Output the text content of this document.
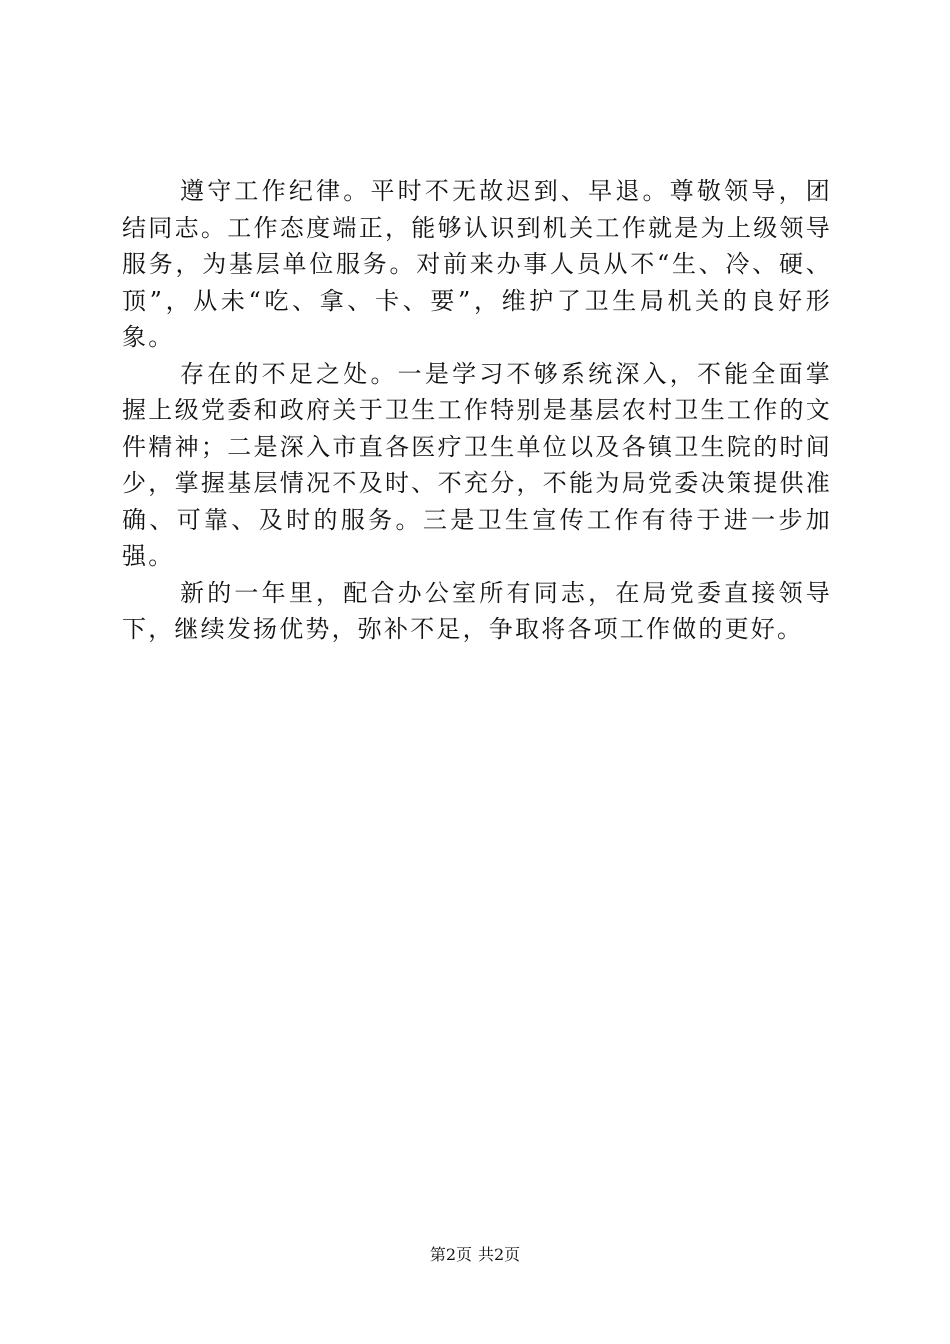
遵守工作纪律。平时不无故迟到、早退。尊敬领导，团结同志。工作态度端正，能够认识到机关工作就是为上级领导服务，为基层单位服务。对前来办事人员从不“生、冷、硬、顶”，从未“吃、拿、卡、要”，维护了卫生局机关的良好形象。

存在的不足之处。一是学习不够系统深入，不能全面掌握上级党委和政府关于卫生工作特别是基层农村卫生工作的文件精神；二是深入市直各医疗卫生单位以及各镇卫生院的时间少，掌握基层情况不及时、不充分，不能为局党委决策提供准确、可靠、及时的服务。三是卫生宣传工作有待于进一步加强。

新的一年里，配合办公室所有同志，在局党委直接领导下，继续发扬优势，弥补不足，争取将各项工作做的更好。

第2页 共2页
